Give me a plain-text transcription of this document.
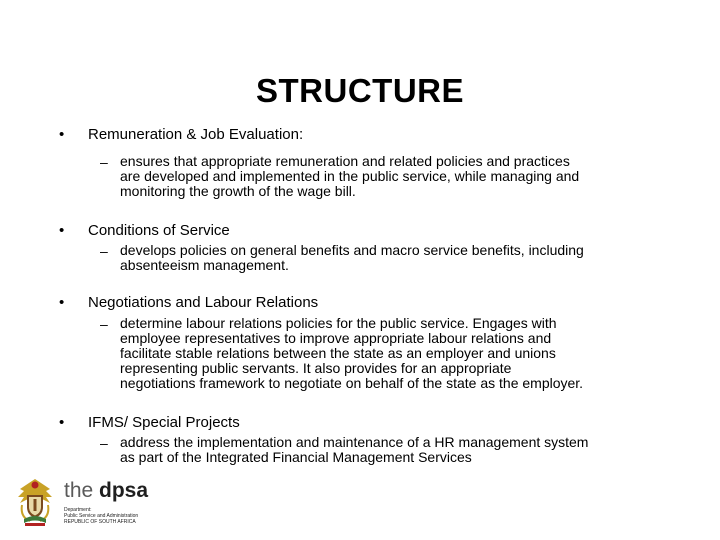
STRUCTURE
• Remuneration & Job Evaluation:
– ensures that appropriate remuneration and related policies and practices
are developed and implemented in the public service, while managing and
monitoring the growth of the wage bill.
• Conditions of Service
– develops policies on general benefits and macro service benefits, including
absenteeism management.
• Negotiations and Labour Relations
– determine labour relations policies for the public service. Engages with
employee representatives to improve appropriate labour relations and
facilitate stable relations between the state as an employer and unions
representing public servants. It also provides for an appropriate
negotiations framework to negotiate on behalf of the state as the employer.
• IFMS/ Special Projects
– address the implementation and maintenance of a HR management system
as part of the Integrated Financial Management Services
the dpsa
Department:
Public Service and Administration
REPUBLIC OF SOUTH AFRICA
